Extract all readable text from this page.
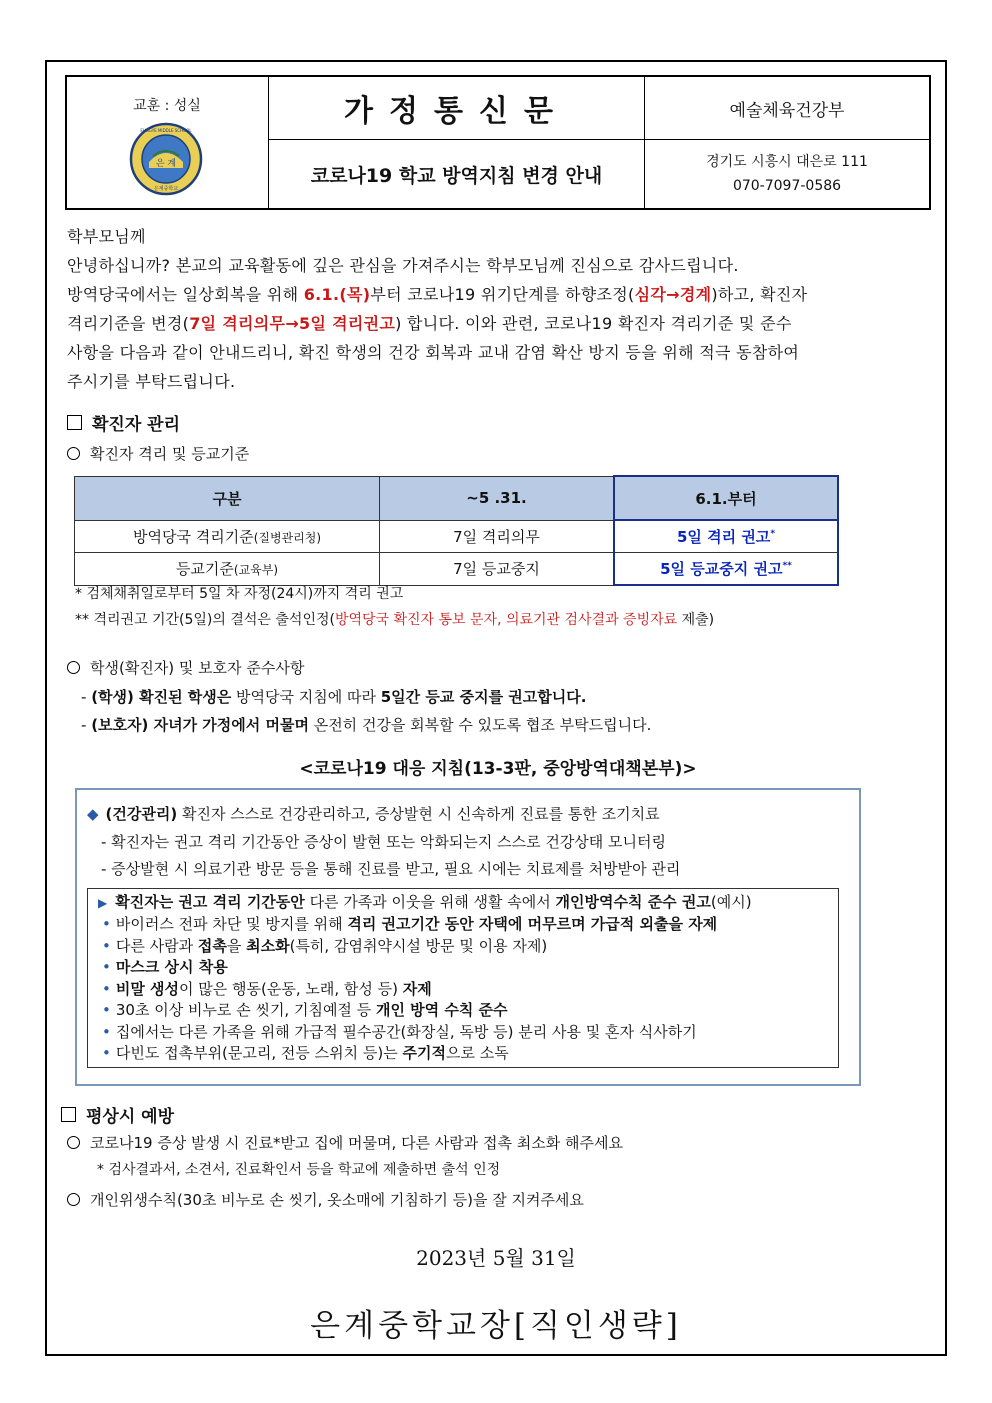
교훈 : 성실
은 계
EUNGYE MIDDLE SCHOOL
은계중학교
가정통신문
코로나19 학교 방역지침 변경 안내
예술체육건강부
경기도 시흥시 대은로 111
070-7097-0586

학부모님께

안녕하십니까? 본교의 교육활동에 깊은 관심을 가져주시는 학부모님께 진심으로 감사드립니다.

방역당국에서는 일상회복을 위해 6.1.(목)부터 코로나19 위기단계를 하향조정(심각→경계)하고, 확진자

격리기준을 변경(7일 격리의무→5일 격리권고) 합니다. 이와 관련, 코로나19 확진자 격리기준 및 준수

사항을 다음과 같이 안내드리니, 확진 학생의 건강 회복과 교내 감염 확산 방지 등을 위해 적극 동참하여

주시기를 부탁드립니다.

확진자 관리
확진자 격리 및 등교기준
구분	~5 .31.	6.1.부터
방역당국 격리기준(질병관리청)	7일 격리의무	5일 격리 권고*
등교기준(교육부)	7일 등교중지	5일 등교중지 권고**
* 검체채취일로부터 5일 차 자정(24시)까지 격리 권고
** 격리권고 기간(5일)의 결석은 출석인정(방역당국 확진자 통보 문자, 의료기관 검사결과 증빙자료 제출)
학생(확진자) 및 보호자 준수사항
- (학생) 확진된 학생은 방역당국 지침에 따라 5일간 등교 중지를 권고합니다.
- (보호자) 자녀가 가정에서 머물며 온전히 건강을 회복할 수 있도록 협조 부탁드립니다.
<코로나19 대응 지침(13-3판, 중앙방역대책본부)>
◆ (건강관리) 확진자 스스로 건강관리하고, 증상발현 시 신속하게 진료를 통한 조기치료
- 확진자는 권고 격리 기간동안 증상이 발현 또는 악화되는지 스스로 건강상태 모니터링
- 증상발현 시 의료기관 방문 등을 통해 진료를 받고, 필요 시에는 치료제를 처방받아 관리
▶ 확진자는 권고 격리 기간동안 다른 가족과 이웃을 위해 생활 속에서 개인방역수칙 준수 권고(예시)
• 바이러스 전파 차단 및 방지를 위해 격리 권고기간 동안 자택에 머무르며 가급적 외출을 자제
• 다른 사람과 접촉을 최소화(특히, 감염취약시설 방문 및 이용 자제)
• 마스크 상시 착용
• 비말 생성이 많은 행동(운동, 노래, 함성 등) 자제
• 30초 이상 비누로 손 씻기, 기침예절 등 개인 방역 수칙 준수
• 집에서는 다른 가족을 위해 가급적 필수공간(화장실, 독방 등) 분리 사용 및 혼자 식사하기
• 다빈도 접촉부위(문고리, 전등 스위치 등)는 주기적으로 소독
평상시 예방
코로나19 증상 발생 시 진료*받고 집에 머물며, 다른 사람과 접촉 최소화 해주세요
* 검사결과서, 소견서, 진료확인서 등을 학교에 제출하면 출석 인정
개인위생수칙(30초 비누로 손 씻기, 옷소매에 기침하기 등)을 잘 지켜주세요
2023년 5월 31일
은계중학교장[직인생략]
